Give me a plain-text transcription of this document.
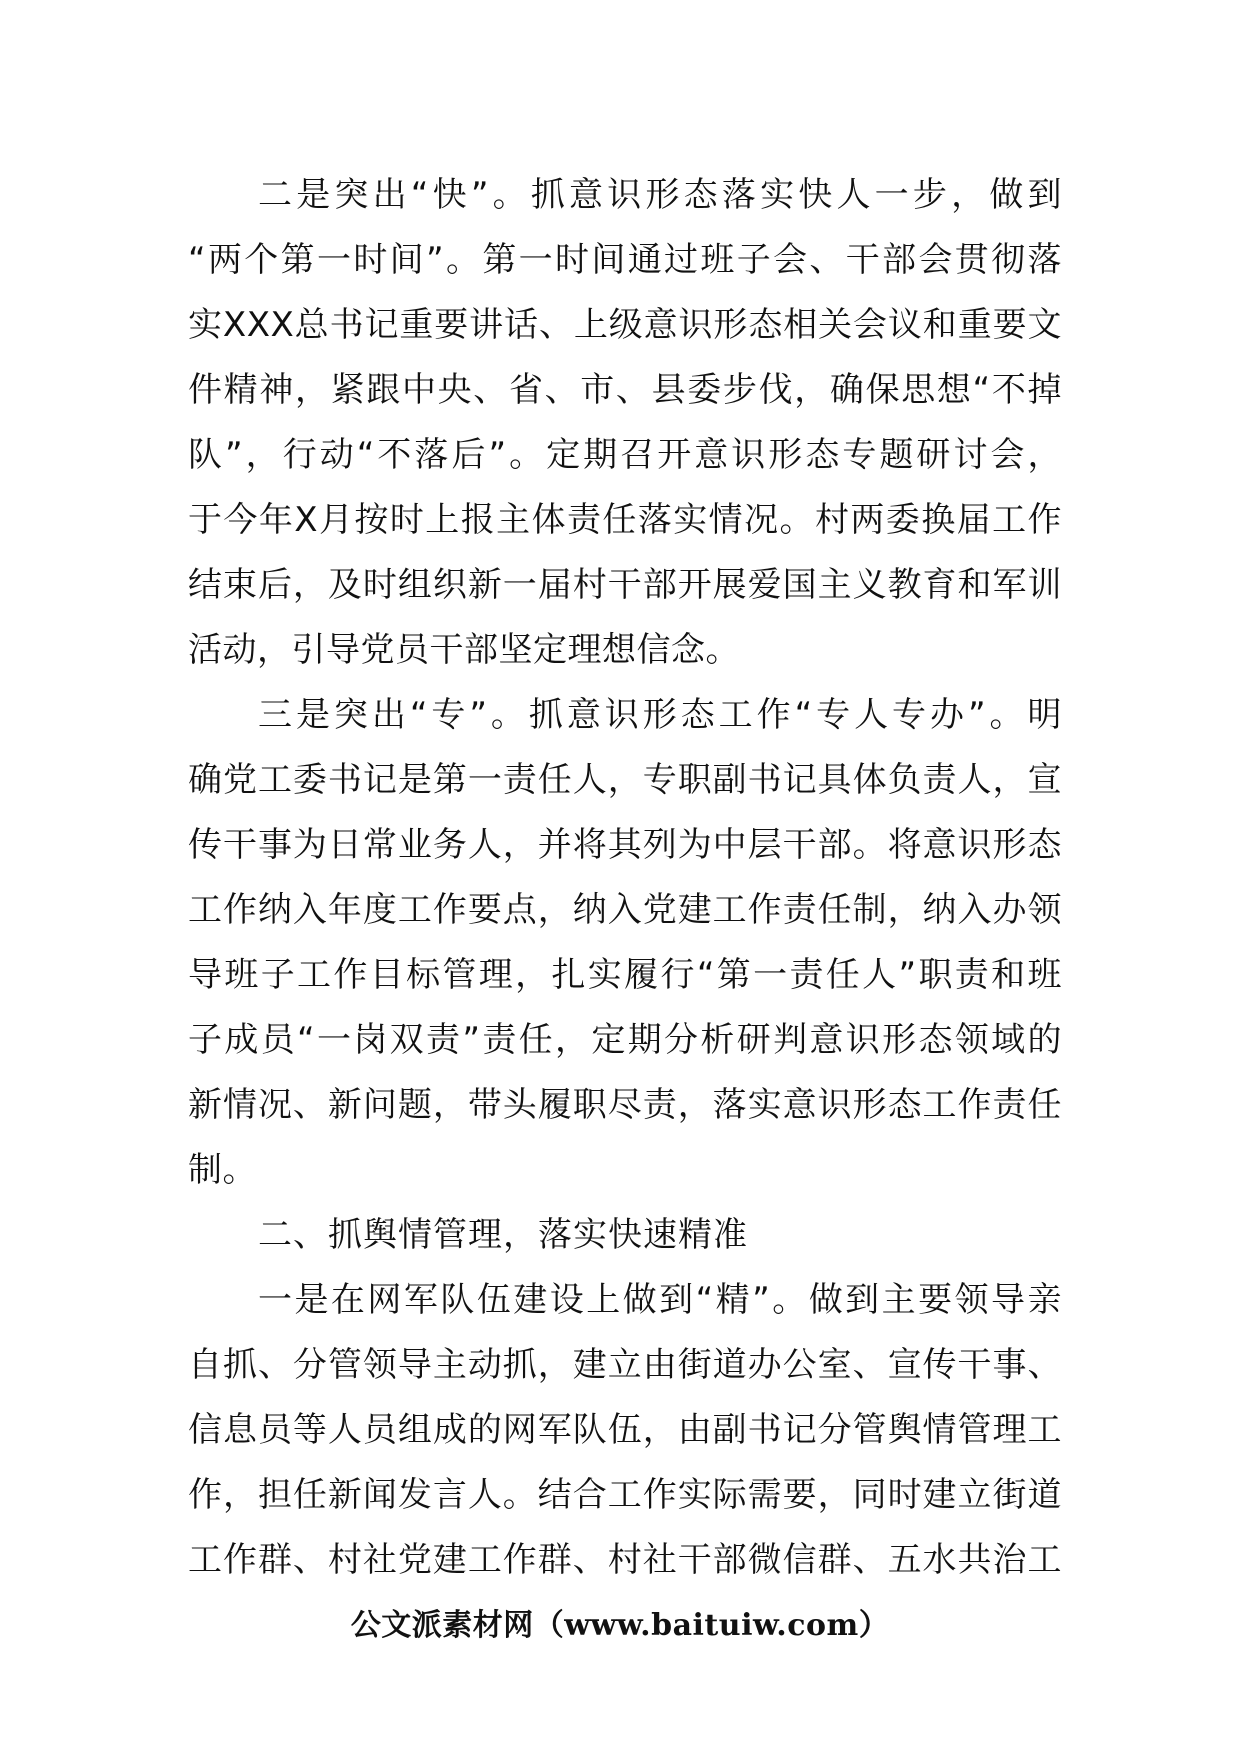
二是突出“快”。抓意识形态落实快人一步，做到
“两个第一时间”。第一时间通过班子会、干部会贯彻落
实XXX总书记重要讲话、上级意识形态相关会议和重要文
件精神，紧跟中央、省、市、县委步伐，确保思想“不掉
队”，行动“不落后”。定期召开意识形态专题研讨会，
于今年X月按时上报主体责任落实情况。村两委换届工作
结束后，及时组织新一届村干部开展爱国主义教育和军训
活动，引导党员干部坚定理想信念。
三是突出“专”。抓意识形态工作“专人专办”。明
确党工委书记是第一责任人，专职副书记具体负责人，宣
传干事为日常业务人，并将其列为中层干部。将意识形态
工作纳入年度工作要点，纳入党建工作责任制，纳入办领
导班子工作目标管理，扎实履行“第一责任人”职责和班
子成员“一岗双责”责任，定期分析研判意识形态领域的
新情况、新问题，带头履职尽责，落实意识形态工作责任
制。
二、抓舆情管理，落实快速精准
一是在网军队伍建设上做到“精”。做到主要领导亲
自抓、分管领导主动抓，建立由街道办公室、宣传干事、
信息员等人员组成的网军队伍，由副书记分管舆情管理工
作，担任新闻发言人。结合工作实际需要，同时建立街道
工作群、村社党建工作群、村社干部微信群、五水共治工
公文派素材网（www.baituiw.com）
